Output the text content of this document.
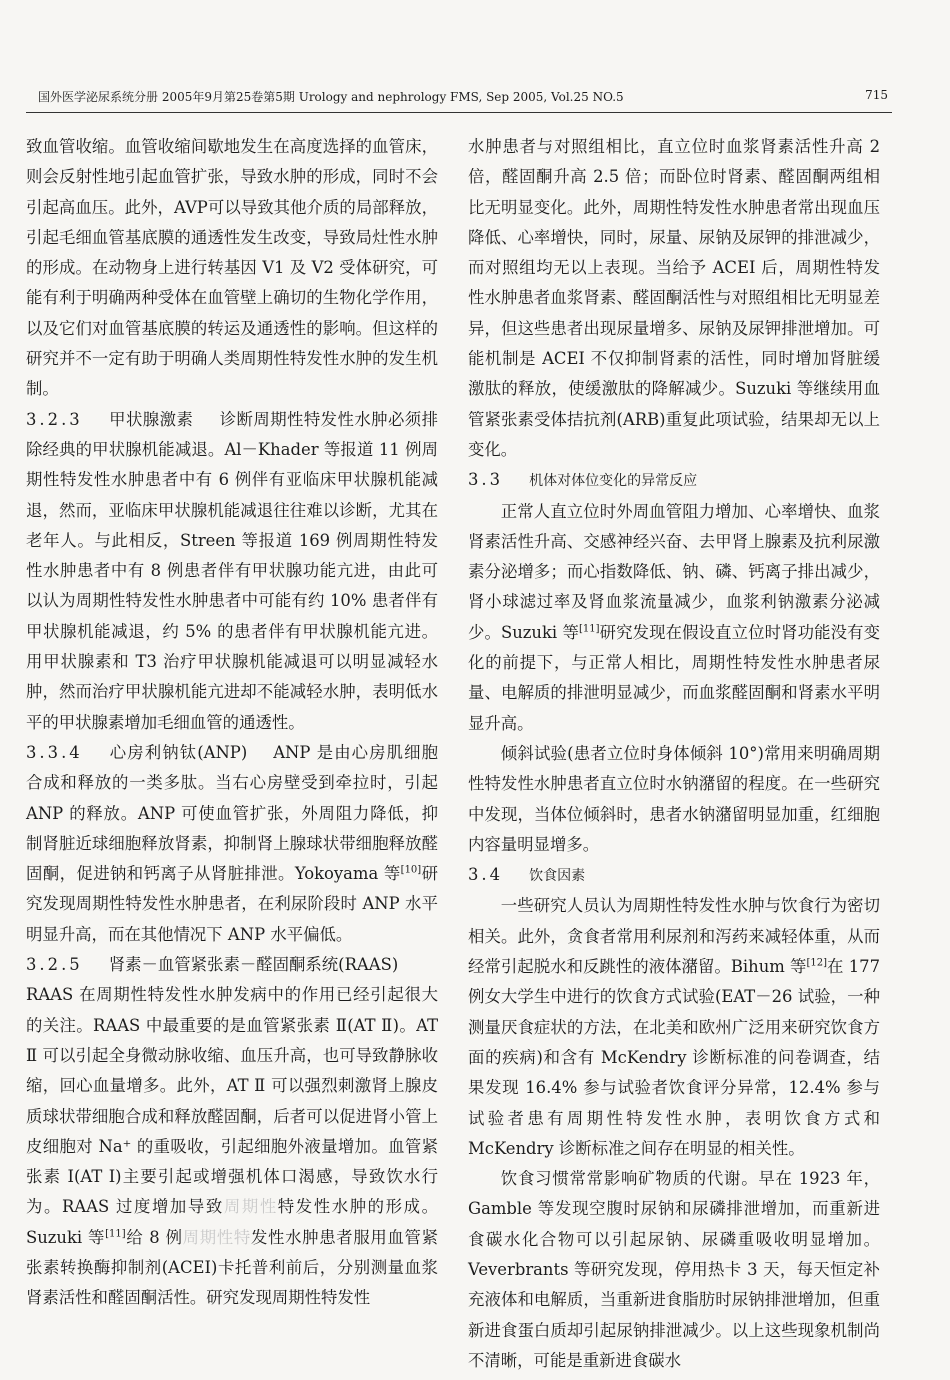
国外医学泌尿系统分册 2005年9月第25卷第5期 Urology and nephrology FMS, Sep 2005, Vol.25 NO.5	715

致血管收缩。血管收缩间歇地发生在高度选择的血管床，则会反射性地引起血管扩张，导致水肿的形成，同时不会引起高血压。此外，AVP可以导致其他介质的局部释放，引起毛细血管基底膜的通透性发生改变，导致局灶性水肿的形成。在动物身上进行转基因 V1 及 V2 受体研究，可能有利于明确两种受体在血管壁上确切的生物化学作用，以及它们对血管基底膜的转运及通透性的影响。但这样的研究并不一定有助于明确人类周期性特发性水肿的发生机制。

3.2.3 甲状腺激素 诊断周期性特发性水肿必须排除经典的甲状腺机能减退。Al－Khader 等报道 11 例周期性特发性水肿患者中有 6 例伴有亚临床甲状腺机能减退，然而，亚临床甲状腺机能减退往往难以诊断，尤其在老年人。与此相反，Streen 等报道 169 例周期性特发性水肿患者中有 8 例患者伴有甲状腺功能亢进，由此可以认为周期性特发性水肿患者中可能有约 10% 患者伴有甲状腺机能减退，约 5% 的患者伴有甲状腺机能亢进。用甲状腺素和 T3 治疗甲状腺机能减退可以明显减轻水肿，然而治疗甲状腺机能亢进却不能减轻水肿，表明低水平的甲状腺素增加毛细血管的通透性。

3.3.4 心房利钠钛(ANP) ANP 是由心房肌细胞合成和释放的一类多肽。当右心房壁受到牵拉时，引起 ANP 的释放。ANP 可使血管扩张，外周阻力降低，抑制肾脏近球细胞释放肾素，抑制肾上腺球状带细胞释放醛固酮，促进钠和钙离子从肾脏排泄。Yokoyama 等[10]研究发现周期性特发性水肿患者，在利尿阶段时 ANP 水平明显升高，而在其他情况下 ANP 水平偏低。

3.2.5 肾素－血管紧张素－醛固酮系统(RAAS)
RAAS 在周期性特发性水肿发病中的作用已经引起很大的关注。RAAS 中最重要的是血管紧张素 Ⅱ(AT Ⅱ)。AT Ⅱ 可以引起全身微动脉收缩、血压升高，也可导致静脉收缩，回心血量增多。此外，AT Ⅱ 可以强烈刺激肾上腺皮质球状带细胞合成和释放醛固酮，后者可以促进肾小管上皮细胞对 Na⁺ 的重吸收，引起细胞外液量增加。血管紧张素 I(AT I)主要引起或增强机体口渴感，导致饮水行为。RAAS 过度增加导致周期性特发性水肿的形成。Suzuki 等[11]给 8 例周期性特发性水肿患者服用血管紧张素转换酶抑制剂(ACEI)卡托普利前后，分别测量血浆肾素活性和醛固酮活性。研究发现周期性特发性

水肿患者与对照组相比，直立位时血浆肾素活性升高 2 倍，醛固酮升高 2.5 倍；而卧位时肾素、醛固酮两组相比无明显变化。此外，周期性特发性水肿患者常出现血压降低、心率增快，同时，尿量、尿钠及尿钾的排泄减少，而对照组均无以上表现。当给予 ACEI 后，周期性特发性水肿患者血浆肾素、醛固酮活性与对照组相比无明显差异，但这些患者出现尿量增多、尿钠及尿钾排泄增加。可能机制是 ACEI 不仅抑制肾素的活性，同时增加肾脏缓激肽的释放，使缓激肽的降解减少。Suzuki 等继续用血管紧张素受体拮抗剂(ARB)重复此项试验，结果却无以上变化。

3.3 机体对体位变化的异常反应

正常人直立位时外周血管阻力增加、心率增快、血浆肾素活性升高、交感神经兴奋、去甲肾上腺素及抗利尿激素分泌增多；而心指数降低、钠、磷、钙离子排出减少，肾小球滤过率及肾血浆流量减少，血浆利钠激素分泌减少。Suzuki 等[11]研究发现在假设直立位时肾功能没有变化的前提下，与正常人相比，周期性特发性水肿患者尿量、电解质的排泄明显减少，而血浆醛固酮和肾素水平明显升高。

倾斜试验(患者立位时身体倾斜 10°)常用来明确周期性特发性水肿患者直立位时水钠潴留的程度。在一些研究中发现，当体位倾斜时，患者水钠潴留明显加重，红细胞内容量明显增多。

3.4 饮食因素

一些研究人员认为周期性特发性水肿与饮食行为密切相关。此外，贪食者常用利尿剂和泻药来减轻体重，从而经常引起脱水和反跳性的液体潴留。Bihum 等[12]在 177 例女大学生中进行的饮食方式试验(EAT－26 试验，一种测量厌食症状的方法，在北美和欧州广泛用来研究饮食方面的疾病)和含有 McKendry 诊断标准的问卷调查，结果发现 16.4% 参与试验者饮食评分异常，12.4% 参与试验者患有周期性特发性水肿，表明饮食方式和 McKendry 诊断标准之间存在明显的相关性。

饮食习惯常常影响矿物质的代谢。早在 1923 年，Gamble 等发现空腹时尿钠和尿磷排泄增加，而重新进食碳水化合物可以引起尿钠、尿磷重吸收明显增加。Veverbrants 等研究发现，停用热卡 3 天，每天恒定补充液体和电解质，当重新进食脂肪时尿钠排泄增加，但重新进食蛋白质却引起尿钠排泄减少。以上这些现象机制尚不清晰，可能是重新进食碳水
